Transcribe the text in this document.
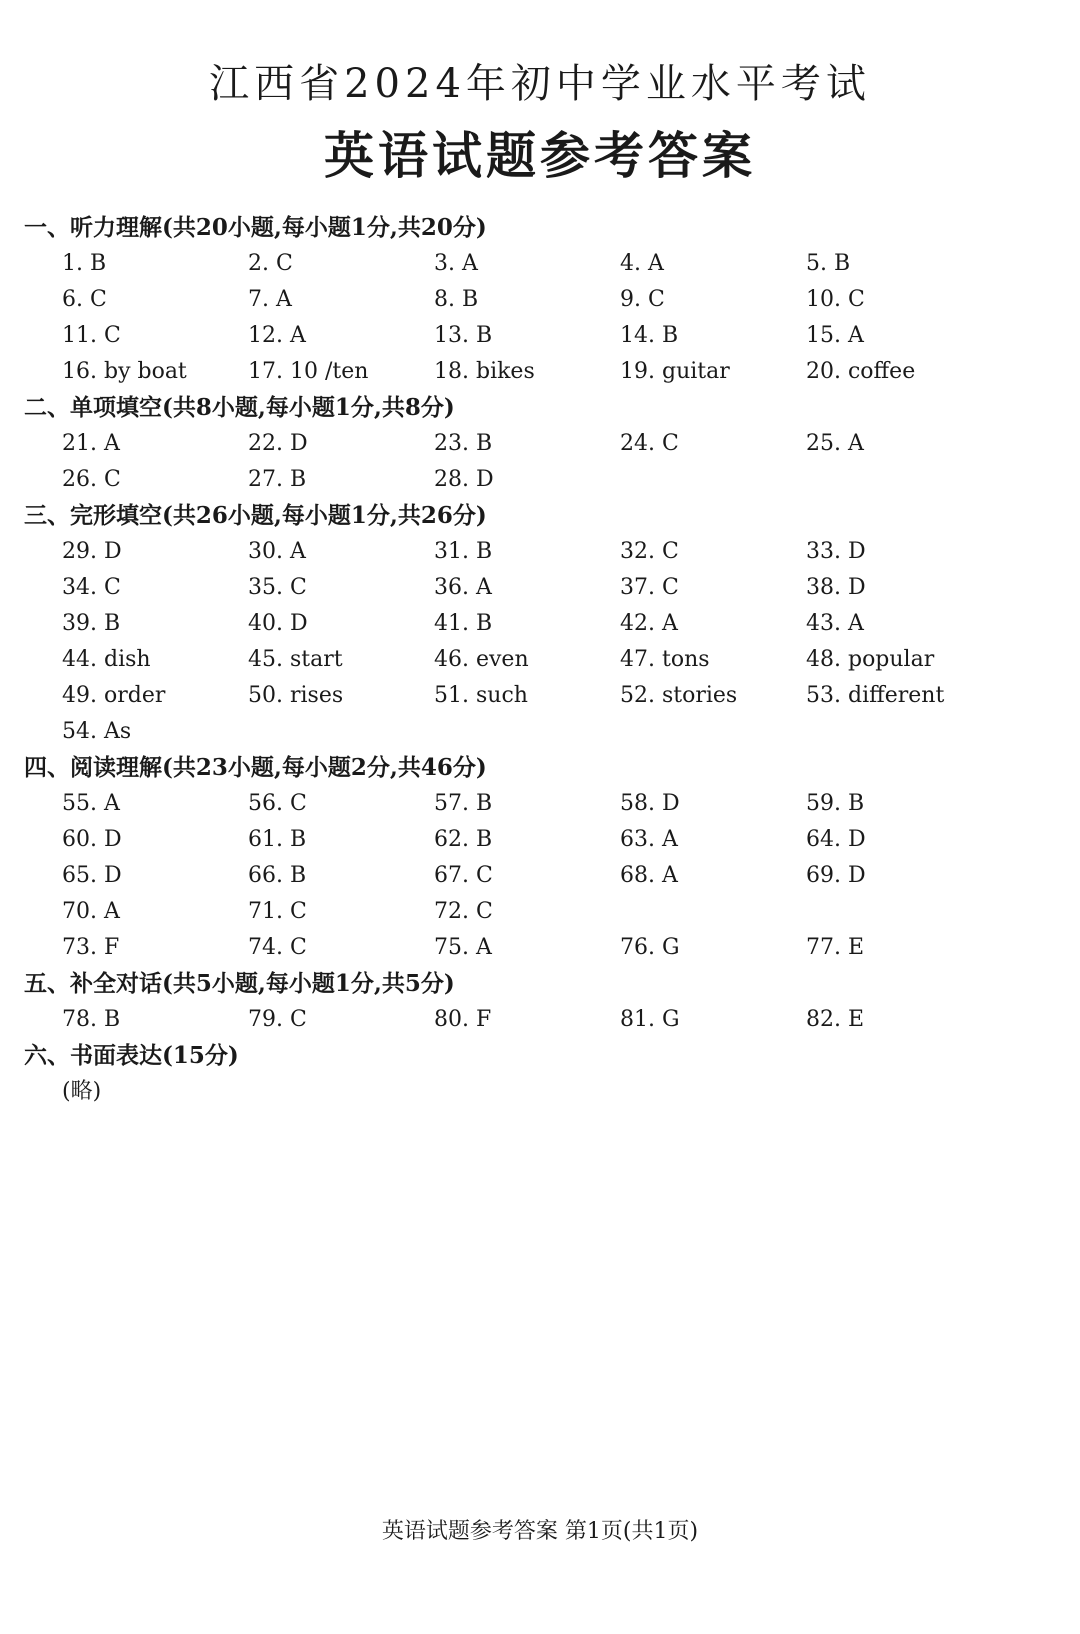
江西省2024年初中学业水平考试
英语试题参考答案
一、听力理解(共20小题,每小题1分,共20分)
1. B	2. C	3. A	4. A	5. B
6. C	7. A	8. B	9. C	10. C
11. C	12. A	13. B	14. B	15. A
16. by boat	17. 10 /ten	18. bikes	19. guitar	20. coffee
二、单项填空(共8小题,每小题1分,共8分)
21. A	22. D	23. B	24. C	25. A
26. C	27. B	28. D
三、完形填空(共26小题,每小题1分,共26分)
29. D	30. A	31. B	32. C	33. D
34. C	35. C	36. A	37. C	38. D
39. B	40. D	41. B	42. A	43. A
44. dish	45. start	46. even	47. tons	48. popular
49. order	50. rises	51. such	52. stories	53. different
54. As
四、阅读理解(共23小题,每小题2分,共46分)
55. A	56. C	57. B	58. D	59. B
60. D	61. B	62. B	63. A	64. D
65. D	66. B	67. C	68. A	69. D
70. A	71. C	72. C
73. F	74. C	75. A	76. G	77. E
五、补全对话(共5小题,每小题1分,共5分)
78. B	79. C	80. F	81. G	82. E
六、书面表达(15分)
(略)
英语试题参考答案 第1页(共1页)
